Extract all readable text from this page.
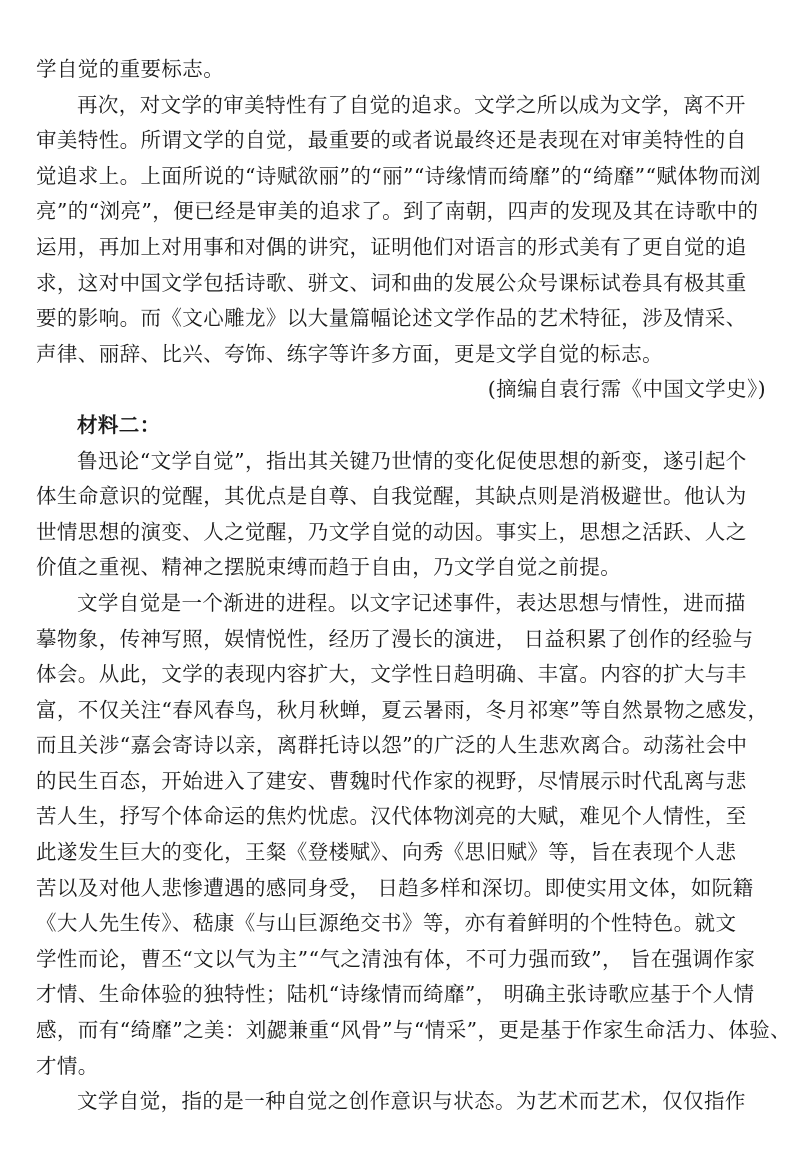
学自觉的重要标志。
再次，对文学的审美特性有了自觉的追求。文学之所以成为文学，离不开
审美特性。所谓文学的自觉，最重要的或者说最终还是表现在对审美特性的自
觉追求上。上面所说的“诗赋欲丽”的“丽”“诗缘情而绮靡”的“绮靡”“赋体物而浏
亮”的“浏亮”，便已经是审美的追求了。到了南朝，四声的发现及其在诗歌中的
运用，再加上对用事和对偶的讲究，证明他们对语言的形式美有了更自觉的追
求，这对中国文学包括诗歌、骈文、词和曲的发展公众号课标试卷具有极其重
要的影响。而《文心雕龙》以大量篇幅论述文学作品的艺术特征，涉及情采、
声律、丽辞、比兴、夸饰、练字等许多方面，更是文学自觉的标志。
(摘编自袁行霈《中国文学史》)
材料二：
鲁迅论“文学自觉”，指出其关键乃世情的变化促使思想的新变，遂引起个
体生命意识的觉醒，其优点是自尊、自我觉醒，其缺点则是消极避世。他认为
世情思想的演变、人之觉醒，乃文学自觉的动因。事实上，思想之活跃、人之
价值之重视、精神之摆脱束缚而趋于自由，乃文学自觉之前提。
文学自觉是一个渐进的进程。以文字记述事件，表达思想与情性，进而描
摹物象，传神写照，娱情悦性，经历了漫长的演进， 日益积累了创作的经验与
体会。从此，文学的表现内容扩大，文学性日趋明确、丰富。内容的扩大与丰
富，不仅关注“春风春鸟，秋月秋蝉，夏云暑雨，冬月祁寒”等自然景物之感发，
而且关涉“嘉会寄诗以亲，离群托诗以怨”的广泛的人生悲欢离合。动荡社会中
的民生百态，开始进入了建安、曹魏时代作家的视野，尽情展示时代乱离与悲
苦人生，抒写个体命运的焦灼忧虑。汉代体物浏亮的大赋，难见个人情性，至
此遂发生巨大的变化，王粲《登楼赋》、向秀《思旧赋》等，旨在表现个人悲
苦以及对他人悲惨遭遇的感同身受， 日趋多样和深切。即使实用文体，如阮籍
《大人先生传》、嵇康《与山巨源绝交书》等，亦有着鲜明的个性特色。就文
学性而论，曹丕“文以气为主”“气之清浊有体，不可力强而致”， 旨在强调作家
才情、生命体验的独特性；陆机“诗缘情而绮靡”， 明确主张诗歌应基于个人情
感，而有“绮靡”之美：刘勰兼重“风骨”与“情采”，更是基于作家生命活力、体验、
才情。
文学自觉，指的是一种自觉之创作意识与状态。为艺术而艺术，仅仅指作
